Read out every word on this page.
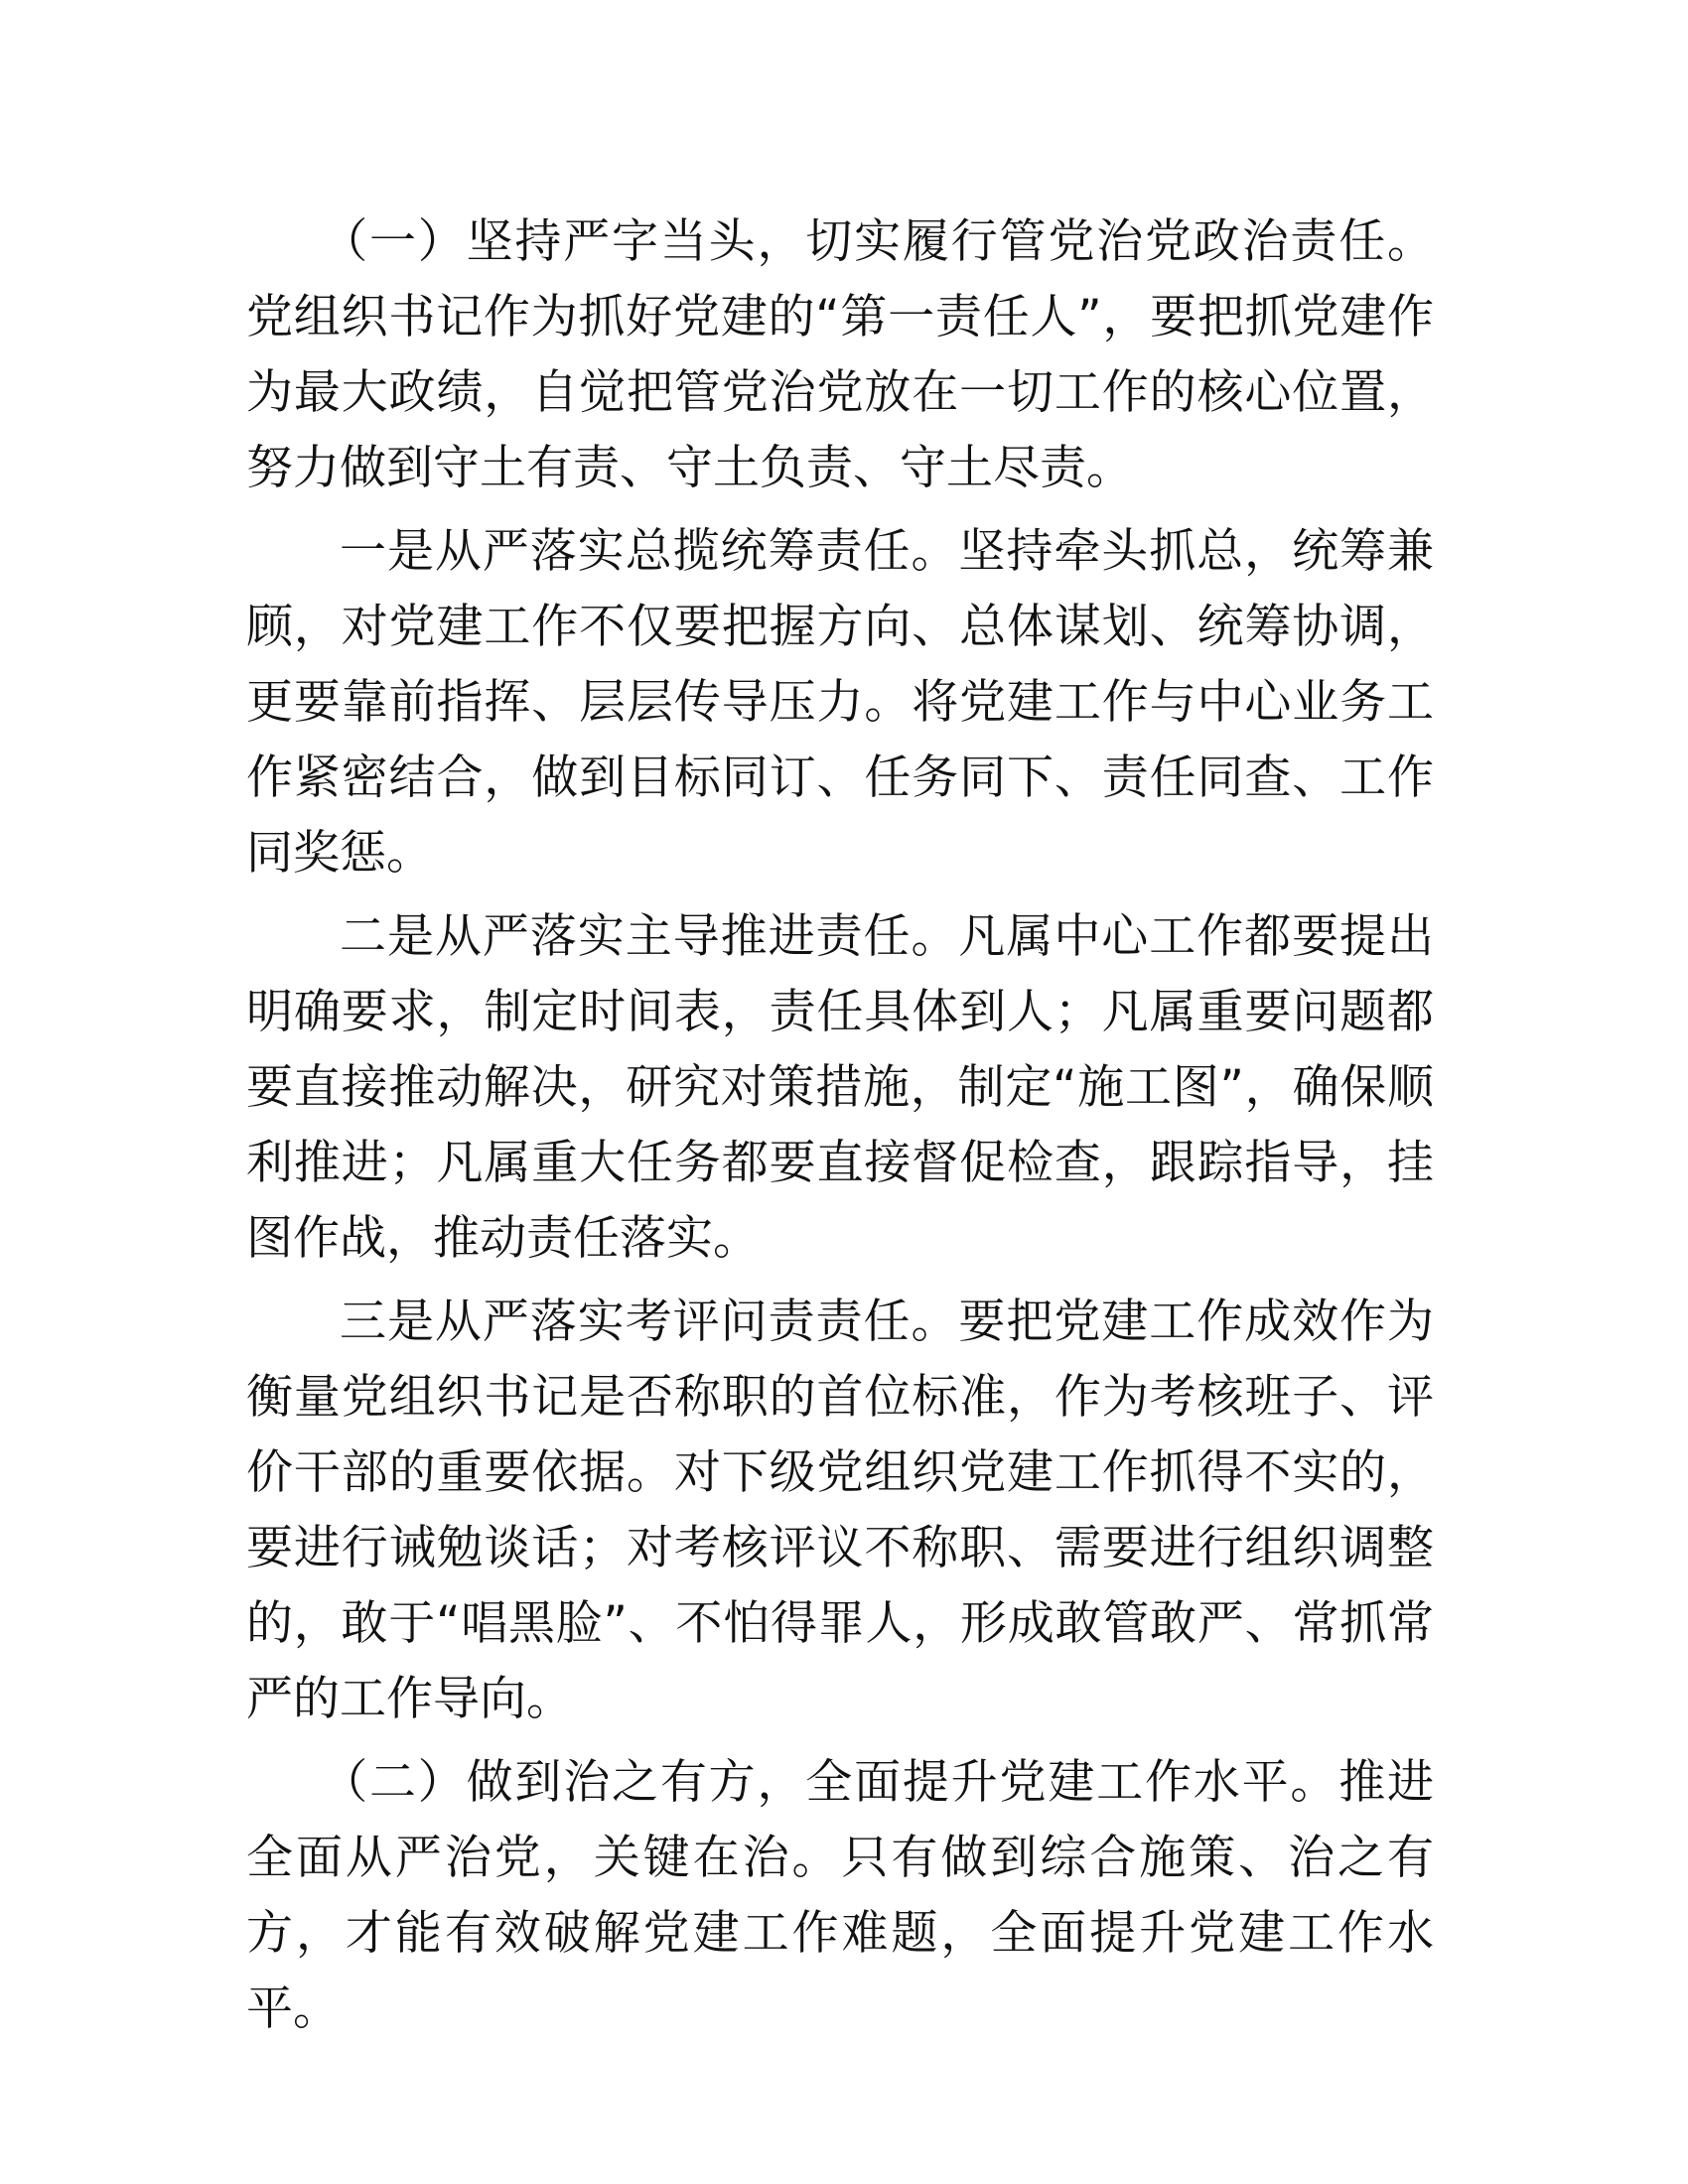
（一）坚持严字当头，切实履行管党治党政治责任。党组织书记作为抓好党建的“第一责任人”，要把抓党建作为最大政绩，自觉把管党治党放在一切工作的核心位置，努力做到守土有责、守土负责、守土尽责。

一是从严落实总揽统筹责任。坚持牵头抓总，统筹兼顾，对党建工作不仅要把握方向、总体谋划、统筹协调，更要靠前指挥、层层传导压力。将党建工作与中心业务工作紧密结合，做到目标同订、任务同下、责任同查、工作同奖惩。

二是从严落实主导推进责任。凡属中心工作都要提出明确要求，制定时间表，责任具体到人；凡属重要问题都要直接推动解决，研究对策措施，制定“施工图”，确保顺利推进；凡属重大任务都要直接督促检查，跟踪指导，挂图作战，推动责任落实。

三是从严落实考评问责责任。要把党建工作成效作为衡量党组织书记是否称职的首位标准，作为考核班子、评价干部的重要依据。对下级党组织党建工作抓得不实的，要进行诫勉谈话；对考核评议不称职、需要进行组织调整的，敢于“唱黑脸”、不怕得罪人，形成敢管敢严、常抓常严的工作导向。

（二）做到治之有方，全面提升党建工作水平。推进全面从严治党，关键在治。只有做到综合施策、治之有方，才能有效破解党建工作难题，全面提升党建工作水平。
